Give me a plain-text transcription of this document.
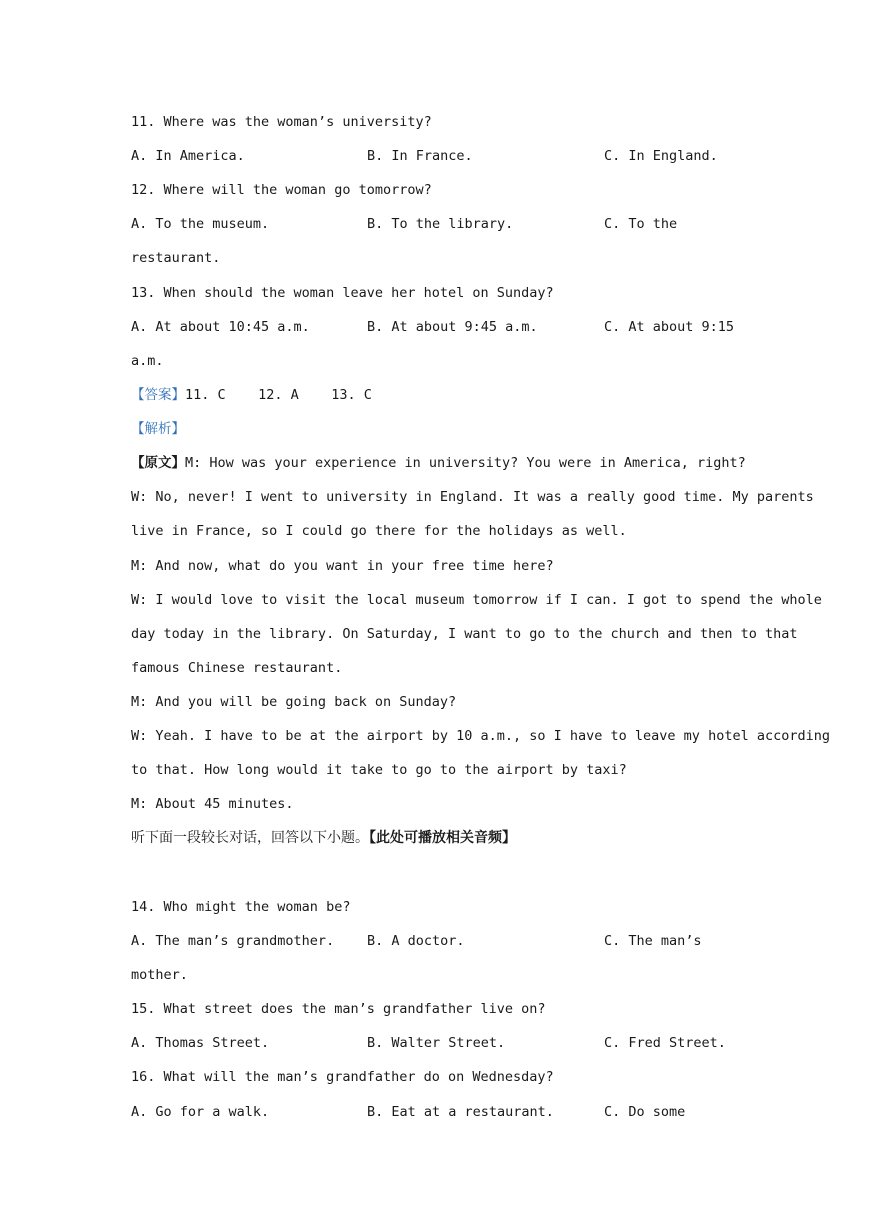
11. Where was the woman’s university?
A. In America.	B. In France.	C. In England.
12. Where will the woman go tomorrow?
A. To the museum.	B. To the library.	C. To the
restaurant.
13. When should the woman leave her hotel on Sunday?
A. At about 10:45 a.m.	B. At about 9:45 a.m.	C. At about 9:15
a.m.
【答案】11. C    12. A    13. C
【解析】
【原文】M: How was your experience in university? You were in America, right?
W: No, never! I went to university in England. It was a really good time. My parents
live in France, so I could go there for the holidays as well.
M: And now, what do you want in your free time here?
W: I would love to visit the local museum tomorrow if I can. I got to spend the whole
day today in the library. On Saturday, I want to go to the church and then to that
famous Chinese restaurant.
M: And you will be going back on Sunday?
W: Yeah. I have to be at the airport by 10 a.m., so I have to leave my hotel according
to that. How long would it take to go to the airport by taxi?
M: About 45 minutes.
听下面一段较长对话，回答以下小题。【此处可播放相关音频】
14. Who might the woman be?
A. The man’s grandmother. B. A doctor.	C. The man’s
mother.
15. What street does the man’s grandfather live on?
A. Thomas Street.	B. Walter Street.	C. Fred Street.
16. What will the man’s grandfather do on Wednesday?
A. Go for a walk.	B. Eat at a restaurant.	C. Do some
